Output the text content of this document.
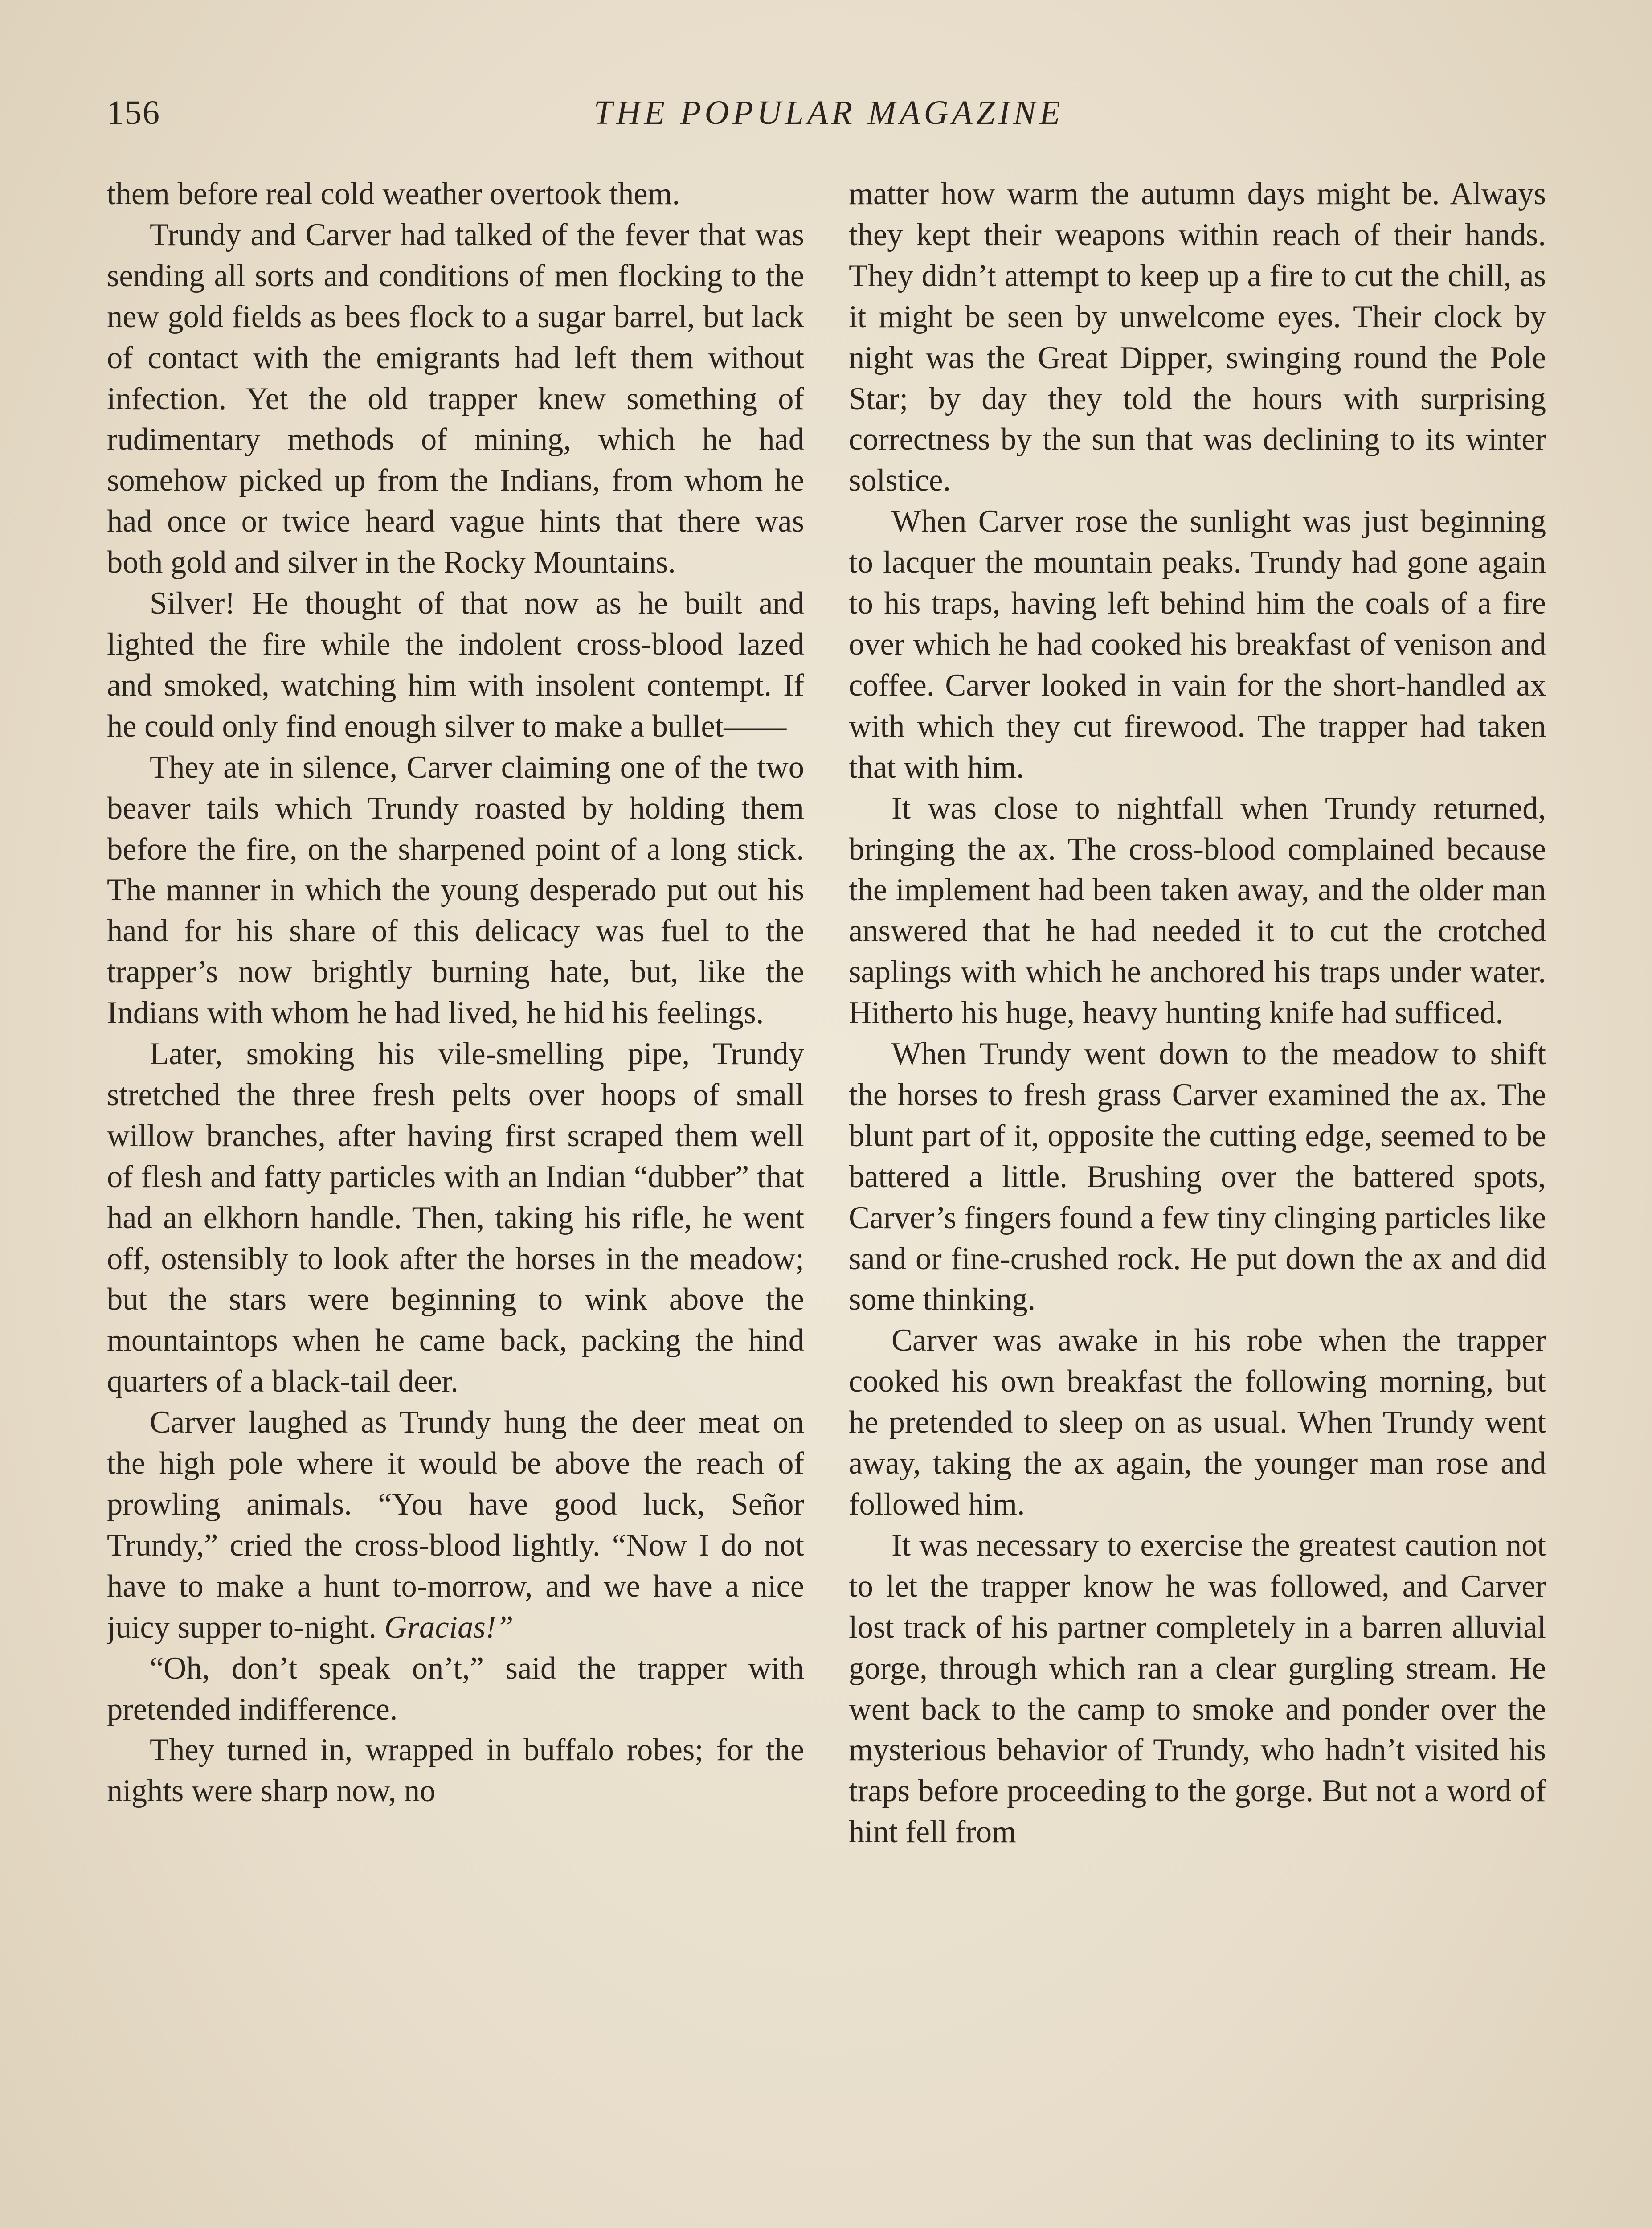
156	THE POPULAR MAGAZINE

them before real cold weather overtook them.

Trundy and Carver had talked of the fever that was sending all sorts and conditions of men flocking to the new gold fields as bees flock to a sugar barrel, but lack of contact with the emigrants had left them without infection. Yet the old trapper knew something of rudimentary methods of mining, which he had somehow picked up from the Indians, from whom he had once or twice heard vague hints that there was both gold and silver in the Rocky Mountains.

Silver! He thought of that now as he built and lighted the fire while the indolent cross-blood lazed and smoked, watching him with insolent contempt. If he could only find enough silver to make a bullet——

They ate in silence, Carver claiming one of the two beaver tails which Trundy roasted by holding them before the fire, on the sharpened point of a long stick. The manner in which the young desperado put out his hand for his share of this delicacy was fuel to the trapper’s now brightly burning hate, but, like the Indians with whom he had lived, he hid his feelings.

Later, smoking his vile-smelling pipe, Trundy stretched the three fresh pelts over hoops of small willow branches, after having first scraped them well of flesh and fatty particles with an Indian “dubber” that had an elkhorn handle. Then, taking his rifle, he went off, ostensibly to look after the horses in the meadow; but the stars were beginning to wink above the mountaintops when he came back, packing the hind quarters of a black-tail deer.

Carver laughed as Trundy hung the deer meat on the high pole where it would be above the reach of prowling animals. “You have good luck, Señor Trundy,” cried the cross-blood lightly. “Now I do not have to make a hunt to-morrow, and we have a nice juicy supper to-night. Gracias!”

“Oh, don’t speak on’t,” said the trapper with pretended indifference.

They turned in, wrapped in buffalo robes; for the nights were sharp now, no

matter how warm the autumn days might be. Always they kept their weapons within reach of their hands. They didn’t attempt to keep up a fire to cut the chill, as it might be seen by unwelcome eyes. Their clock by night was the Great Dipper, swinging round the Pole Star; by day they told the hours with surprising correctness by the sun that was declining to its winter solstice.

When Carver rose the sunlight was just beginning to lacquer the mountain peaks. Trundy had gone again to his traps, having left behind him the coals of a fire over which he had cooked his breakfast of venison and coffee. Carver looked in vain for the short-handled ax with which they cut firewood. The trapper had taken that with him.

It was close to nightfall when Trundy returned, bringing the ax. The cross-blood complained because the implement had been taken away, and the older man answered that he had needed it to cut the crotched saplings with which he anchored his traps under water. Hitherto his huge, heavy hunting knife had sufficed.

When Trundy went down to the meadow to shift the horses to fresh grass Carver examined the ax. The blunt part of it, opposite the cutting edge, seemed to be battered a little. Brushing over the battered spots, Carver’s fingers found a few tiny clinging particles like sand or fine-crushed rock. He put down the ax and did some thinking.

Carver was awake in his robe when the trapper cooked his own breakfast the following morning, but he pretended to sleep on as usual. When Trundy went away, taking the ax again, the younger man rose and followed him.

It was necessary to exercise the greatest caution not to let the trapper know he was followed, and Carver lost track of his partner completely in a barren alluvial gorge, through which ran a clear gurgling stream. He went back to the camp to smoke and ponder over the mysterious behavior of Trundy, who hadn’t visited his traps before proceeding to the gorge. But not a word of hint fell from
